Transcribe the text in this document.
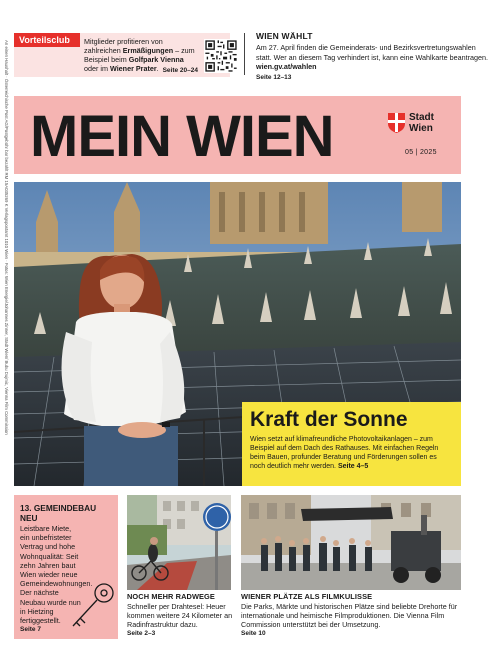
An einen Haushalt · Österreichische Post AG/Postgebühr bar bezahlt RM 15A035269 K Verlagspostamt 1010 Wien · Fotos: Wien Energie/Johannes Zinner, Stadt Wien/ Bubu Dujmic, Vienna Film Commission	Vorteilsclub	Mitglieder profitieren von zahlreichen Ermäßigungen – zum Beispiel beim Golfpark Vienna oder im Wiener Prater. Seite 20–24
WIEN WÄHLT
Am 27. April finden die Gemeinderats- und Bezirksvertretungswahlen statt. Wer an diesem Tag verhindert ist, kann eine Wahlkarte beantragen. wien.gv.at/wahlen
Seite 12–13
MEIN WIEN	Stadt
Wien
05 | 2025
Kraft der Sonne
Wien setzt auf klimafreundliche Photovoltaikanlagen – zum Beispiel auf dem Dach des Rathauses. Mit einfachen Regeln beim Bauen, profunder Beratung und Förderungen sollen es noch deutlich mehr werden. Seite 4–5
13. GEMEINDEBAU NEU
Leistbare Miete, ein unbefristeter Vertrag und hohe Wohnqualität: Seit zehn Jahren baut Wien wieder neue Gemeindewohnungen. Der nächste Neubau wurde nun in Hietzing fertiggestellt.
Seite 7
NOCH MEHR RADWEGE
Schneller per Drahtesel: Heuer kommen weitere 24 Kilometer an Radinfrastruktur dazu.
Seite 2–3
WIENER PLÄTZE ALS FILMKULISSE
Die Parks, Märkte und historischen Plätze sind beliebte Drehorte für internationale und heimische Filmproduktionen. Die Vienna Film Commission unterstützt bei der Umsetzung.
Seite 10
